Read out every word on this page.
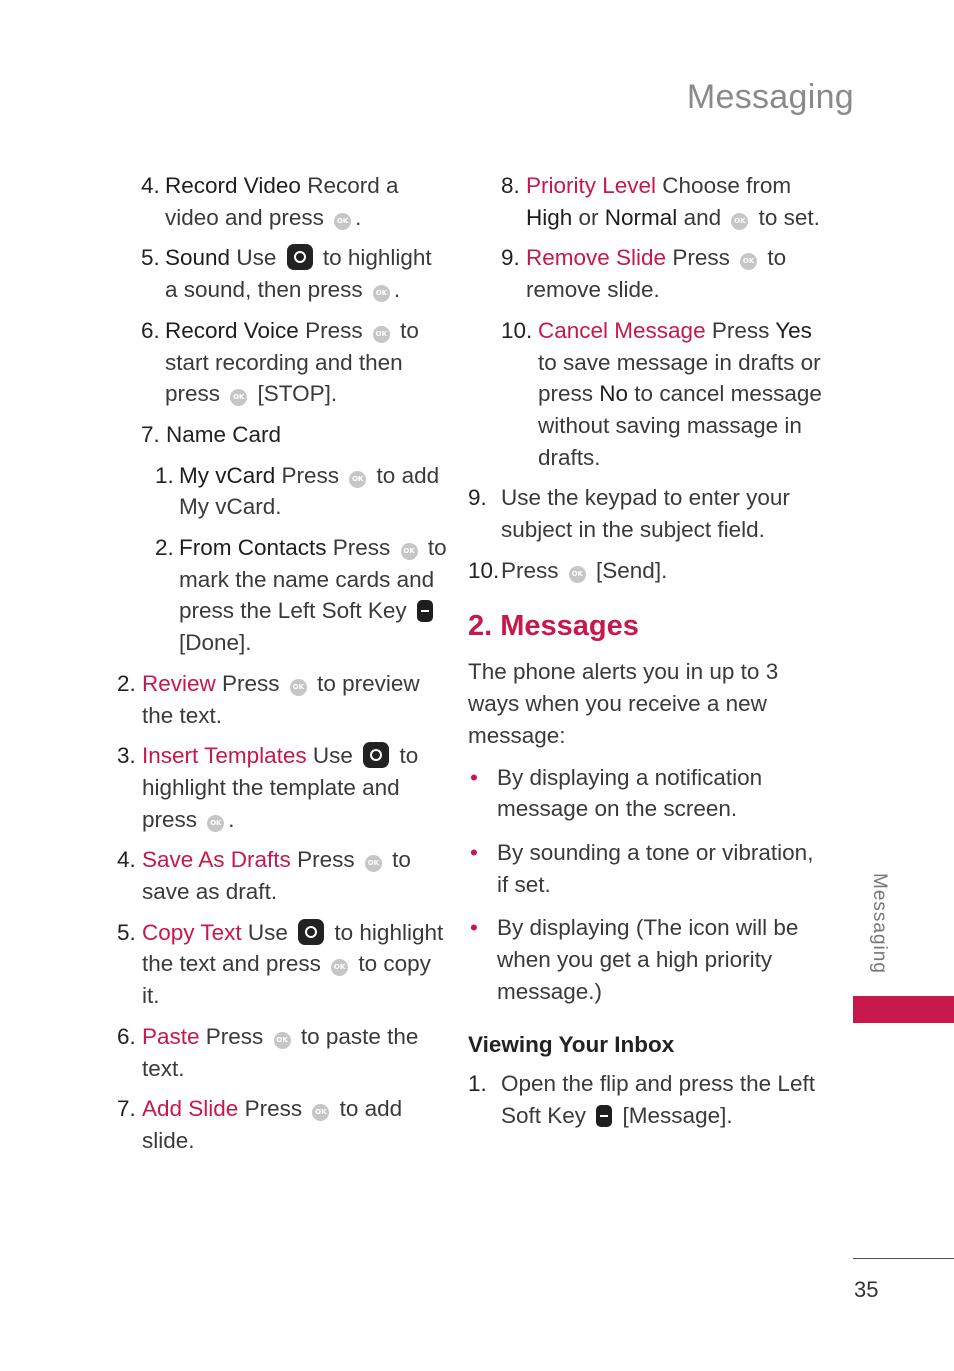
Messaging
4. Record Video Record a video and press OK .
5. Sound Use  to highlight a sound, then press OK .
6. Record Voice Press OK to start recording and then press OK [STOP].
7. Name Card
1. My vCard Press OK to add My vCard.
2. From Contacts Press OK to mark the name cards and press the Left Soft Key  [Done].
2. Review Press OK to preview the text.
3. Insert Templates Use  to highlight the template and press OK .
4. Save As Drafts Press OK to save as draft.
5. Copy Text Use  to highlight the text and press OK to copy it.
6. Paste Press OK to paste the text.
7. Add Slide Press OK to add slide.
8. Priority Level Choose from High or Normal and OK to set.
9. Remove Slide Press OK to remove slide.
10. Cancel Message Press Yes to save message in drafts or press No to cancel message without saving massage in drafts.
9. Use the keypad to enter your subject in the subject field.
10. Press OK [Send].
2. Messages

The phone alerts you in up to 3 ways when you receive a new message:

• By displaying a notification message on the screen.
• By sounding a tone or vibration, if set.
• By displaying (The icon will be when you get a high priority message.)
Viewing Your Inbox
1. Open the flip and press the Left Soft Key  [Message].
Messaging
35
